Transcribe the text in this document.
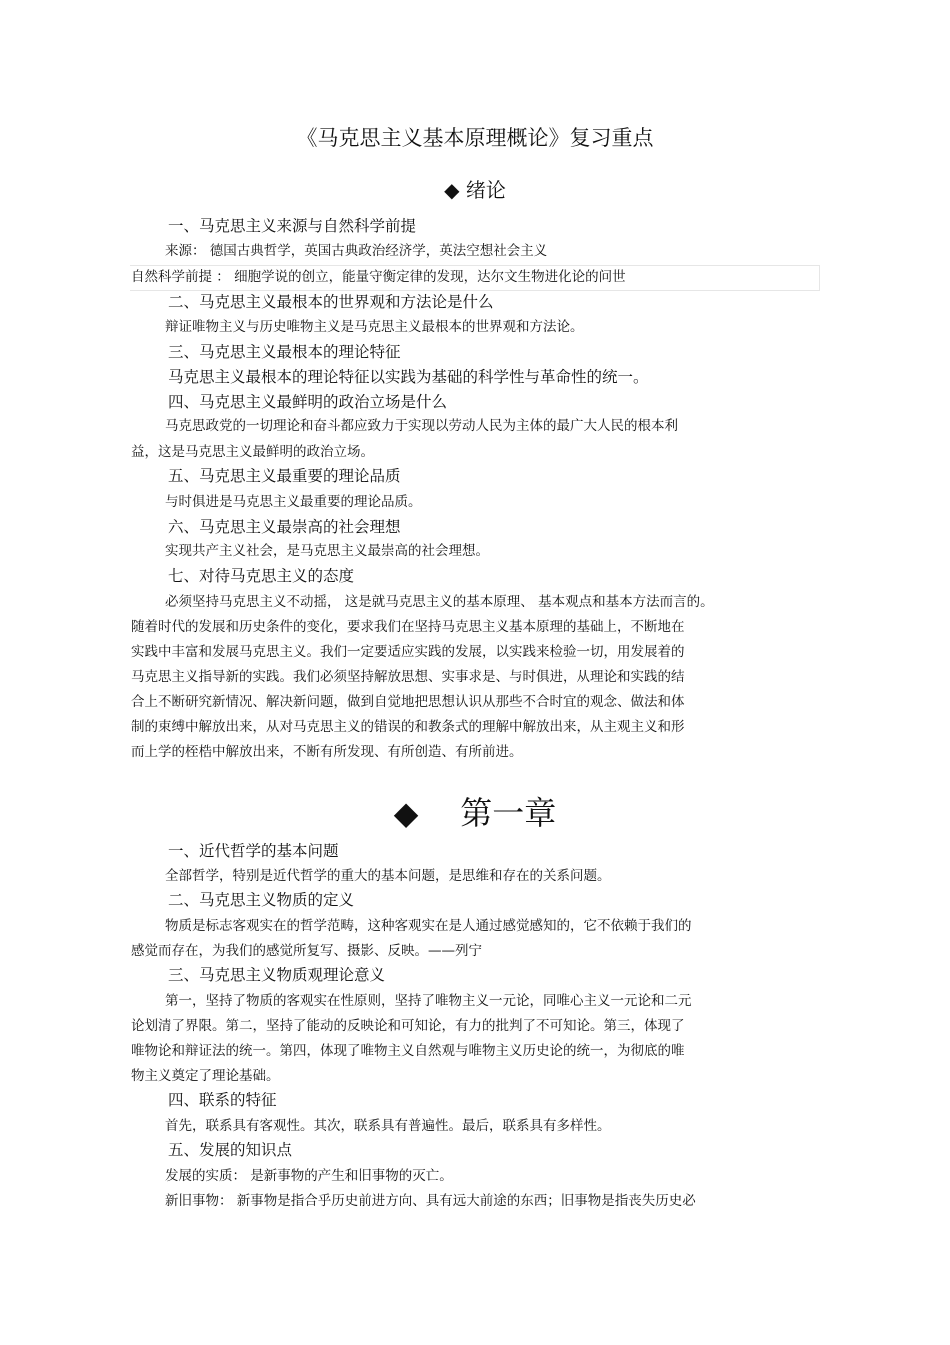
《马克思主义基本原理概论》复习重点
◆ 绪论
一、马克思主义来源与自然科学前提
来源： 德国古典哲学，英国古典政治经济学，英法空想社会主义
自然科学前提 ： 细胞学说的创立，能量守衡定律的发现，达尔文生物进化论的问世
二、马克思主义最根本的世界观和方法论是什么
辩证唯物主义与历史唯物主义是马克思主义最根本的世界观和方法论。
三、马克思主义最根本的理论特征
马克思主义最根本的理论特征以实践为基础的科学性与革命性的统一。
四、马克思主义最鲜明的政治立场是什么
马克思政党的一切理论和奋斗都应致力于实现以劳动人民为主体的最广大人民的根本利
益，这是马克思主义最鲜明的政治立场。
五、马克思主义最重要的理论品质
与时俱进是马克思主义最重要的理论品质。
六、马克思主义最崇高的社会理想
实现共产主义社会，是马克思主义最崇高的社会理想。
七、对待马克思主义的态度
必须坚持马克思主义不动摇， 这是就马克思主义的基本原理、 基本观点和基本方法而言的。
随着时代的发展和历史条件的变化，要求我们在坚持马克思主义基本原理的基础上，不断地在
实践中丰富和发展马克思主义。我们一定要适应实践的发展，以实践来检验一切，用发展着的
马克思主义指导新的实践。我们必须坚持解放思想、实事求是、与时俱进，从理论和实践的结
合上不断研究新情况、解决新问题，做到自觉地把思想认识从那些不合时宜的观念、做法和体
制的束缚中解放出来，从对马克思主义的错误的和教条式的理解中解放出来，从主观主义和形
而上学的桎梏中解放出来，不断有所发现、有所创造、有所前进。
◆ 第一章
一、近代哲学的基本问题
全部哲学，特别是近代哲学的重大的基本问题，是思维和存在的关系问题。
二、马克思主义物质的定义
物质是标志客观实在的哲学范畴，这种客观实在是人通过感觉感知的，它不依赖于我们的
感觉而存在，为我们的感觉所复写、摄影、反映。——列宁
三、马克思主义物质观理论意义
第一，坚持了物质的客观实在性原则，坚持了唯物主义一元论，同唯心主义一元论和二元
论划清了界限。第二，坚持了能动的反映论和可知论，有力的批判了不可知论。第三，体现了
唯物论和辩证法的统一。第四，体现了唯物主义自然观与唯物主义历史论的统一，为彻底的唯
物主义奠定了理论基础。
四、联系的特征
首先，联系具有客观性。其次，联系具有普遍性。最后，联系具有多样性。
五、发展的知识点
发展的实质： 是新事物的产生和旧事物的灭亡。
新旧事物： 新事物是指合乎历史前进方向、具有远大前途的东西；旧事物是指丧失历史必
